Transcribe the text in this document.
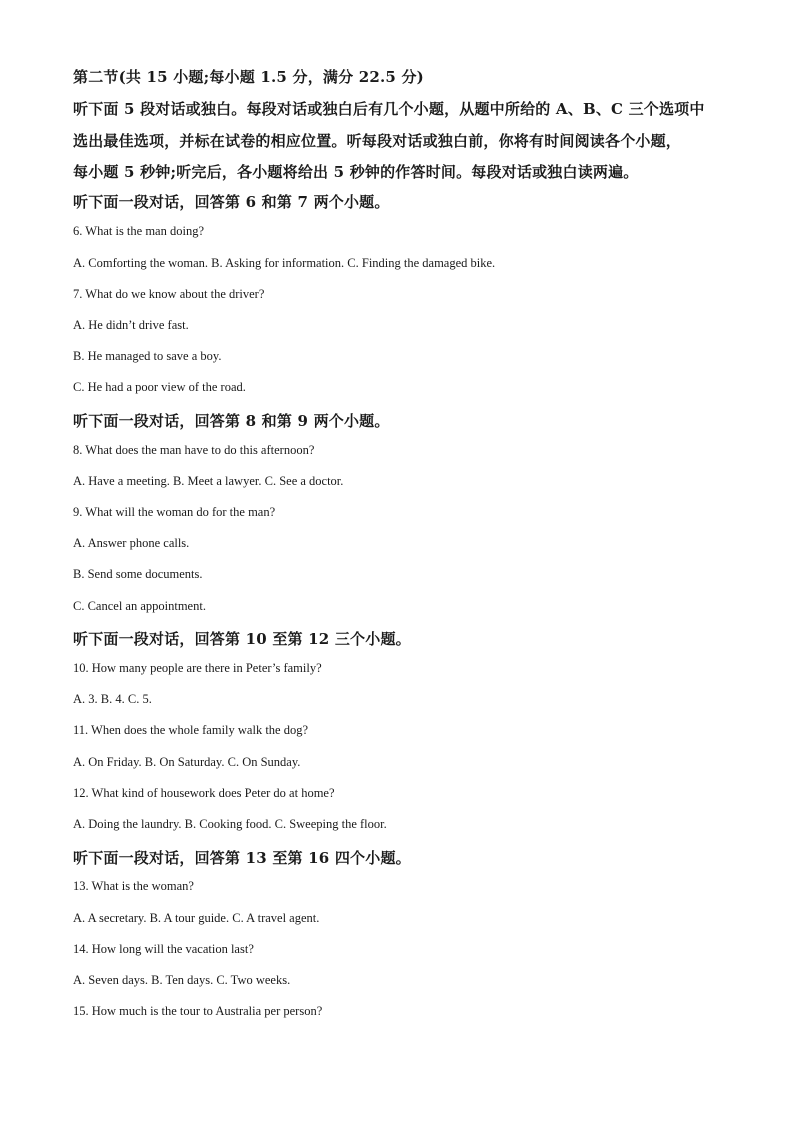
第二节(共 15 小题;每小题 1.5 分，满分 22.5 分)
听下面 5 段对话或独白。每段对话或独白后有几个小题，从题中所给的 A、B、C 三个选项中
选出最佳选项，并标在试卷的相应位置。听每段对话或独白前，你将有时间阅读各个小题，
每小题 5 秒钟;听完后，各小题将给出 5 秒钟的作答时间。每段对话或独白读两遍。
听下面一段对话，回答第 6 和第 7 两个小题。
6. What is the man doing?
A. Comforting the woman. B. Asking for information. C. Finding the damaged bike.
7. What do we know about the driver?
A. He didn’t drive fast.
B. He managed to save a boy.
C. He had a poor view of the road.
听下面一段对话，回答第 8 和第 9 两个小题。
8. What does the man have to do this afternoon?
A. Have a meeting. B. Meet a lawyer. C. See a doctor.
9. What will the woman do for the man?
A. Answer phone calls.
B. Send some documents.
C. Cancel an appointment.
听下面一段对话，回答第 10 至第 12 三个小题。
10. How many people are there in Peter’s family?
A. 3. B. 4. C. 5.
11. When does the whole family walk the dog?
A. On Friday. B. On Saturday. C. On Sunday.
12. What kind of housework does Peter do at home?
A. Doing the laundry. B. Cooking food. C. Sweeping the floor.
听下面一段对话，回答第 13 至第 16 四个小题。
13. What is the woman?
A. A secretary. B. A tour guide. C. A travel agent.
14. How long will the vacation last?
A. Seven days. B. Ten days. C. Two weeks.
15. How much is the tour to Australia per person?
